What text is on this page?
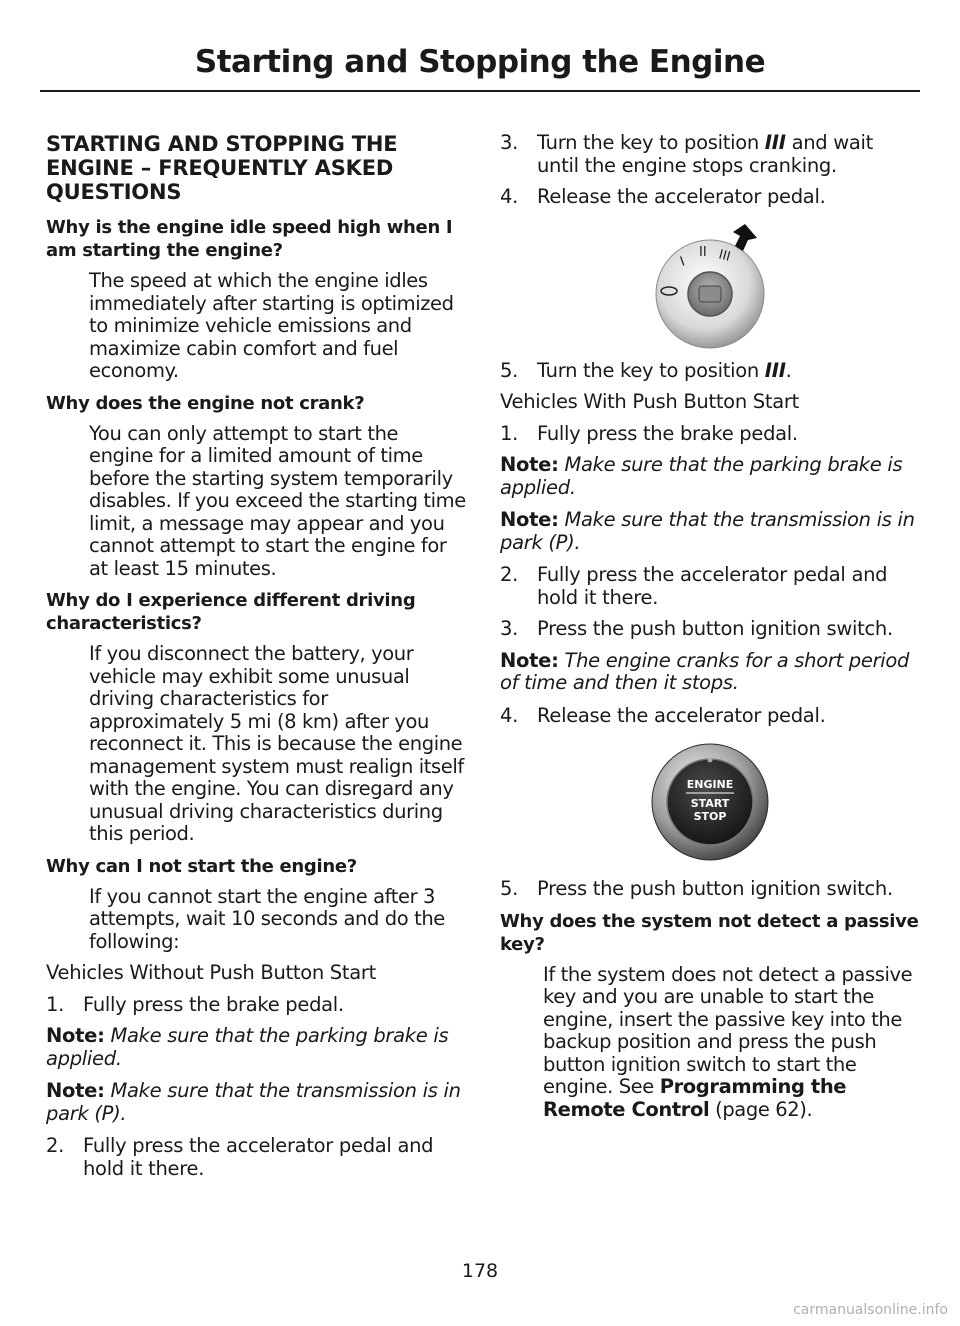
Starting and Stopping the Engine
STARTING AND STOPPING THE ENGINE – FREQUENTLY ASKED QUESTIONS
Why is the engine idle speed high when I am starting the engine?

The speed at which the engine idles immediately after starting is optimized to minimize vehicle emissions and maximize cabin comfort and fuel economy.

Why does the engine not crank?

You can only attempt to start the engine for a limited amount of time before the starting system temporarily disables. If you exceed the starting time limit, a message may appear and you cannot attempt to start the engine for at least 15 minutes.

Why do I experience different driving characteristics?

If you disconnect the battery, your vehicle may exhibit some unusual driving characteristics for approximately 5 mi (8 km) after you reconnect it. This is because the engine management system must realign itself with the engine. You can disregard any unusual driving characteristics during this period.

Why can I not start the engine?

If you cannot start the engine after 3 attempts, wait 10 seconds and do the following:

Vehicles Without Push Button Start

1. Fully press the brake pedal.

Note: Make sure that the parking brake is applied.

Note: Make sure that the transmission is in park (P).

2. Fully press the accelerator pedal and hold it there.
3. Turn the key to position III and wait until the engine stops cranking.
4. Release the accelerator pedal.
I
II III
5. Turn the key to position III.

Vehicles With Push Button Start

1. Fully press the brake pedal.

Note: Make sure that the parking brake is applied.

Note: Make sure that the transmission is in park (P).

2. Fully press the accelerator pedal and hold it there.
3. Press the push button ignition switch.

Note: The engine cranks for a short period of time and then it stops.

4. Release the accelerator pedal.
ENGINE
START
STOP
5. Press the push button ignition switch.
Why does the system not detect a passive key?

If the system does not detect a passive key and you are unable to start the engine, insert the passive key into the backup position and press the push button ignition switch to start the engine. See Programming the Remote Control (page 62).

178
carmanualsonline.info
